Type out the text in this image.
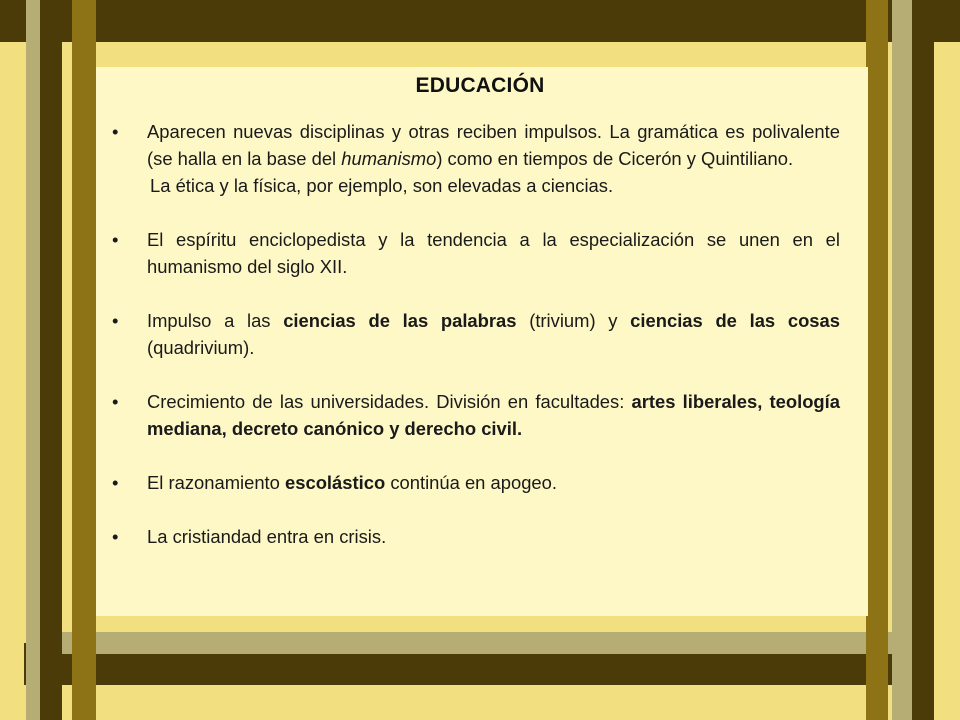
EDUCACIÓN
• Aparecen nuevas disciplinas y otras reciben impulsos. La gramática es polivalente (se halla en la base del humanismo) como en tiempos de Cicerón y Quintiliano.
La ética y la física, por ejemplo, son elevadas a ciencias.
• El espíritu enciclopedista y la tendencia a la especialización se unen en el humanismo del siglo XII.
• Impulso a las ciencias de las palabras (trivium) y ciencias de las cosas (quadrivium).
• Crecimiento de las universidades. División en facultades: artes liberales, teología mediana, decreto canónico y derecho civil.
• El razonamiento escolástico continúa en apogeo.
• La cristiandad entra en crisis.
